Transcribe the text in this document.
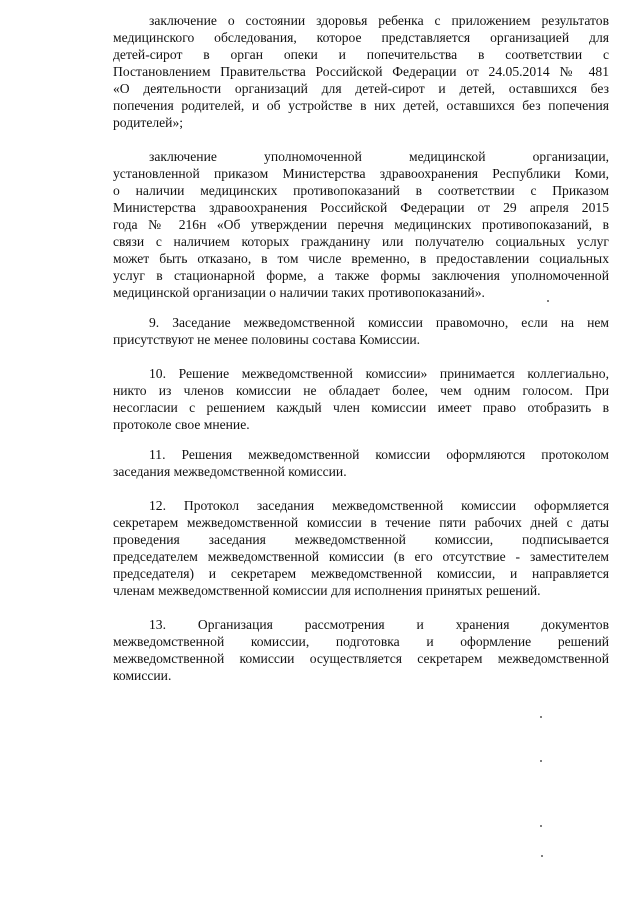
заключение о состоянии здоровья ребенка с приложением результатов
медицинского обследования, которое представляется организацией для
детей-сирот в орган опеки и попечительства в соответствии с
Постановлением Правительства Российской Федерации от 24.05.2014 № 481
«О деятельности организаций для детей-сирот и детей, оставшихся без
попечения родителей, и об устройстве в них детей, оставшихся без попечения
родителей»;
заключение уполномоченной медицинской организации,
установленной приказом Министерства здравоохранения Республики Коми,
о наличии медицинских противопоказаний в соответствии с Приказом
Министерства здравоохранения Российской Федерации от 29 апреля 2015
года № 216н «Об утверждении перечня медицинских противопоказаний, в
связи с наличием которых гражданину или получателю социальных услуг
может быть отказано, в том числе временно, в предоставлении социальных
услуг в стационарной форме, а также формы заключения уполномоченной
медицинской организации о наличии таких противопоказаний».
9. Заседание межведомственной комиссии правомочно, если на нем
присутствуют не менее половины состава Комиссии.
10. Решение межведомственной комиссии» принимается коллегиально,
никто из членов комиссии не обладает более, чем одним голосом. При
несогласии с решением каждый член комиссии имеет право отобразить в
протоколе свое мнение.
11. Решения межведомственной комиссии оформляются протоколом
заседания межведомственной комиссии.
12. Протокол заседания межведомственной комиссии оформляется
секретарем межведомственной комиссии в течение пяти рабочих дней с даты
проведения заседания межведомственной комиссии, подписывается
председателем межведомственной комиссии (в его отсутствие - заместителем
председателя) и секретарем межведомственной комиссии, и направляется
членам межведомственной комиссии для исполнения принятых решений.
13. Организация рассмотрения и хранения документов
межведомственной комиссии, подготовка и оформление решений
межведомственной комиссии осуществляется секретарем межведомственной
комиссии.
